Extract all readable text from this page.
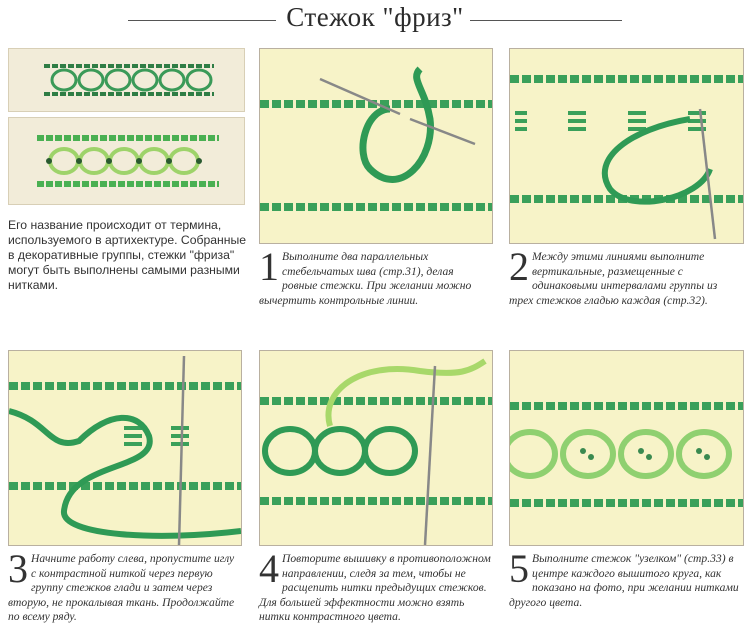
Стежок "фриз"
Его название происходит от термина, используемого в артихектуре. Собранные в декоративные группы, стежки "фриза" могут быть выполнены самыми разными нитками.	1 Выполните два параллельных стебельчатых шва (стр.31), делая ровные стежки. При желании можно вычертить контрольные линии.
2 Между этими линиями выполните вертикальные, размещенные с одинаковыми интервалами группы из трех стежков гладью каждая (стр.32).
3 Начните работу слева, пропустите иглу с контрастной ниткой через первую группу стежков глади и затем через вторую, не прокалывая ткань. Продолжайте по всему ряду.
4 Повторите вышивку в противоположном направлении, следя за тем, чтобы не расщепить нитки предыдущих стежков. Для большей эффектности можно взять нитки контрастного цвета.
5 Выполните стежок "узелком" (стр.33) в центре каждого вышитого круга, как показано на фото, при желании нитками другого цвета.
